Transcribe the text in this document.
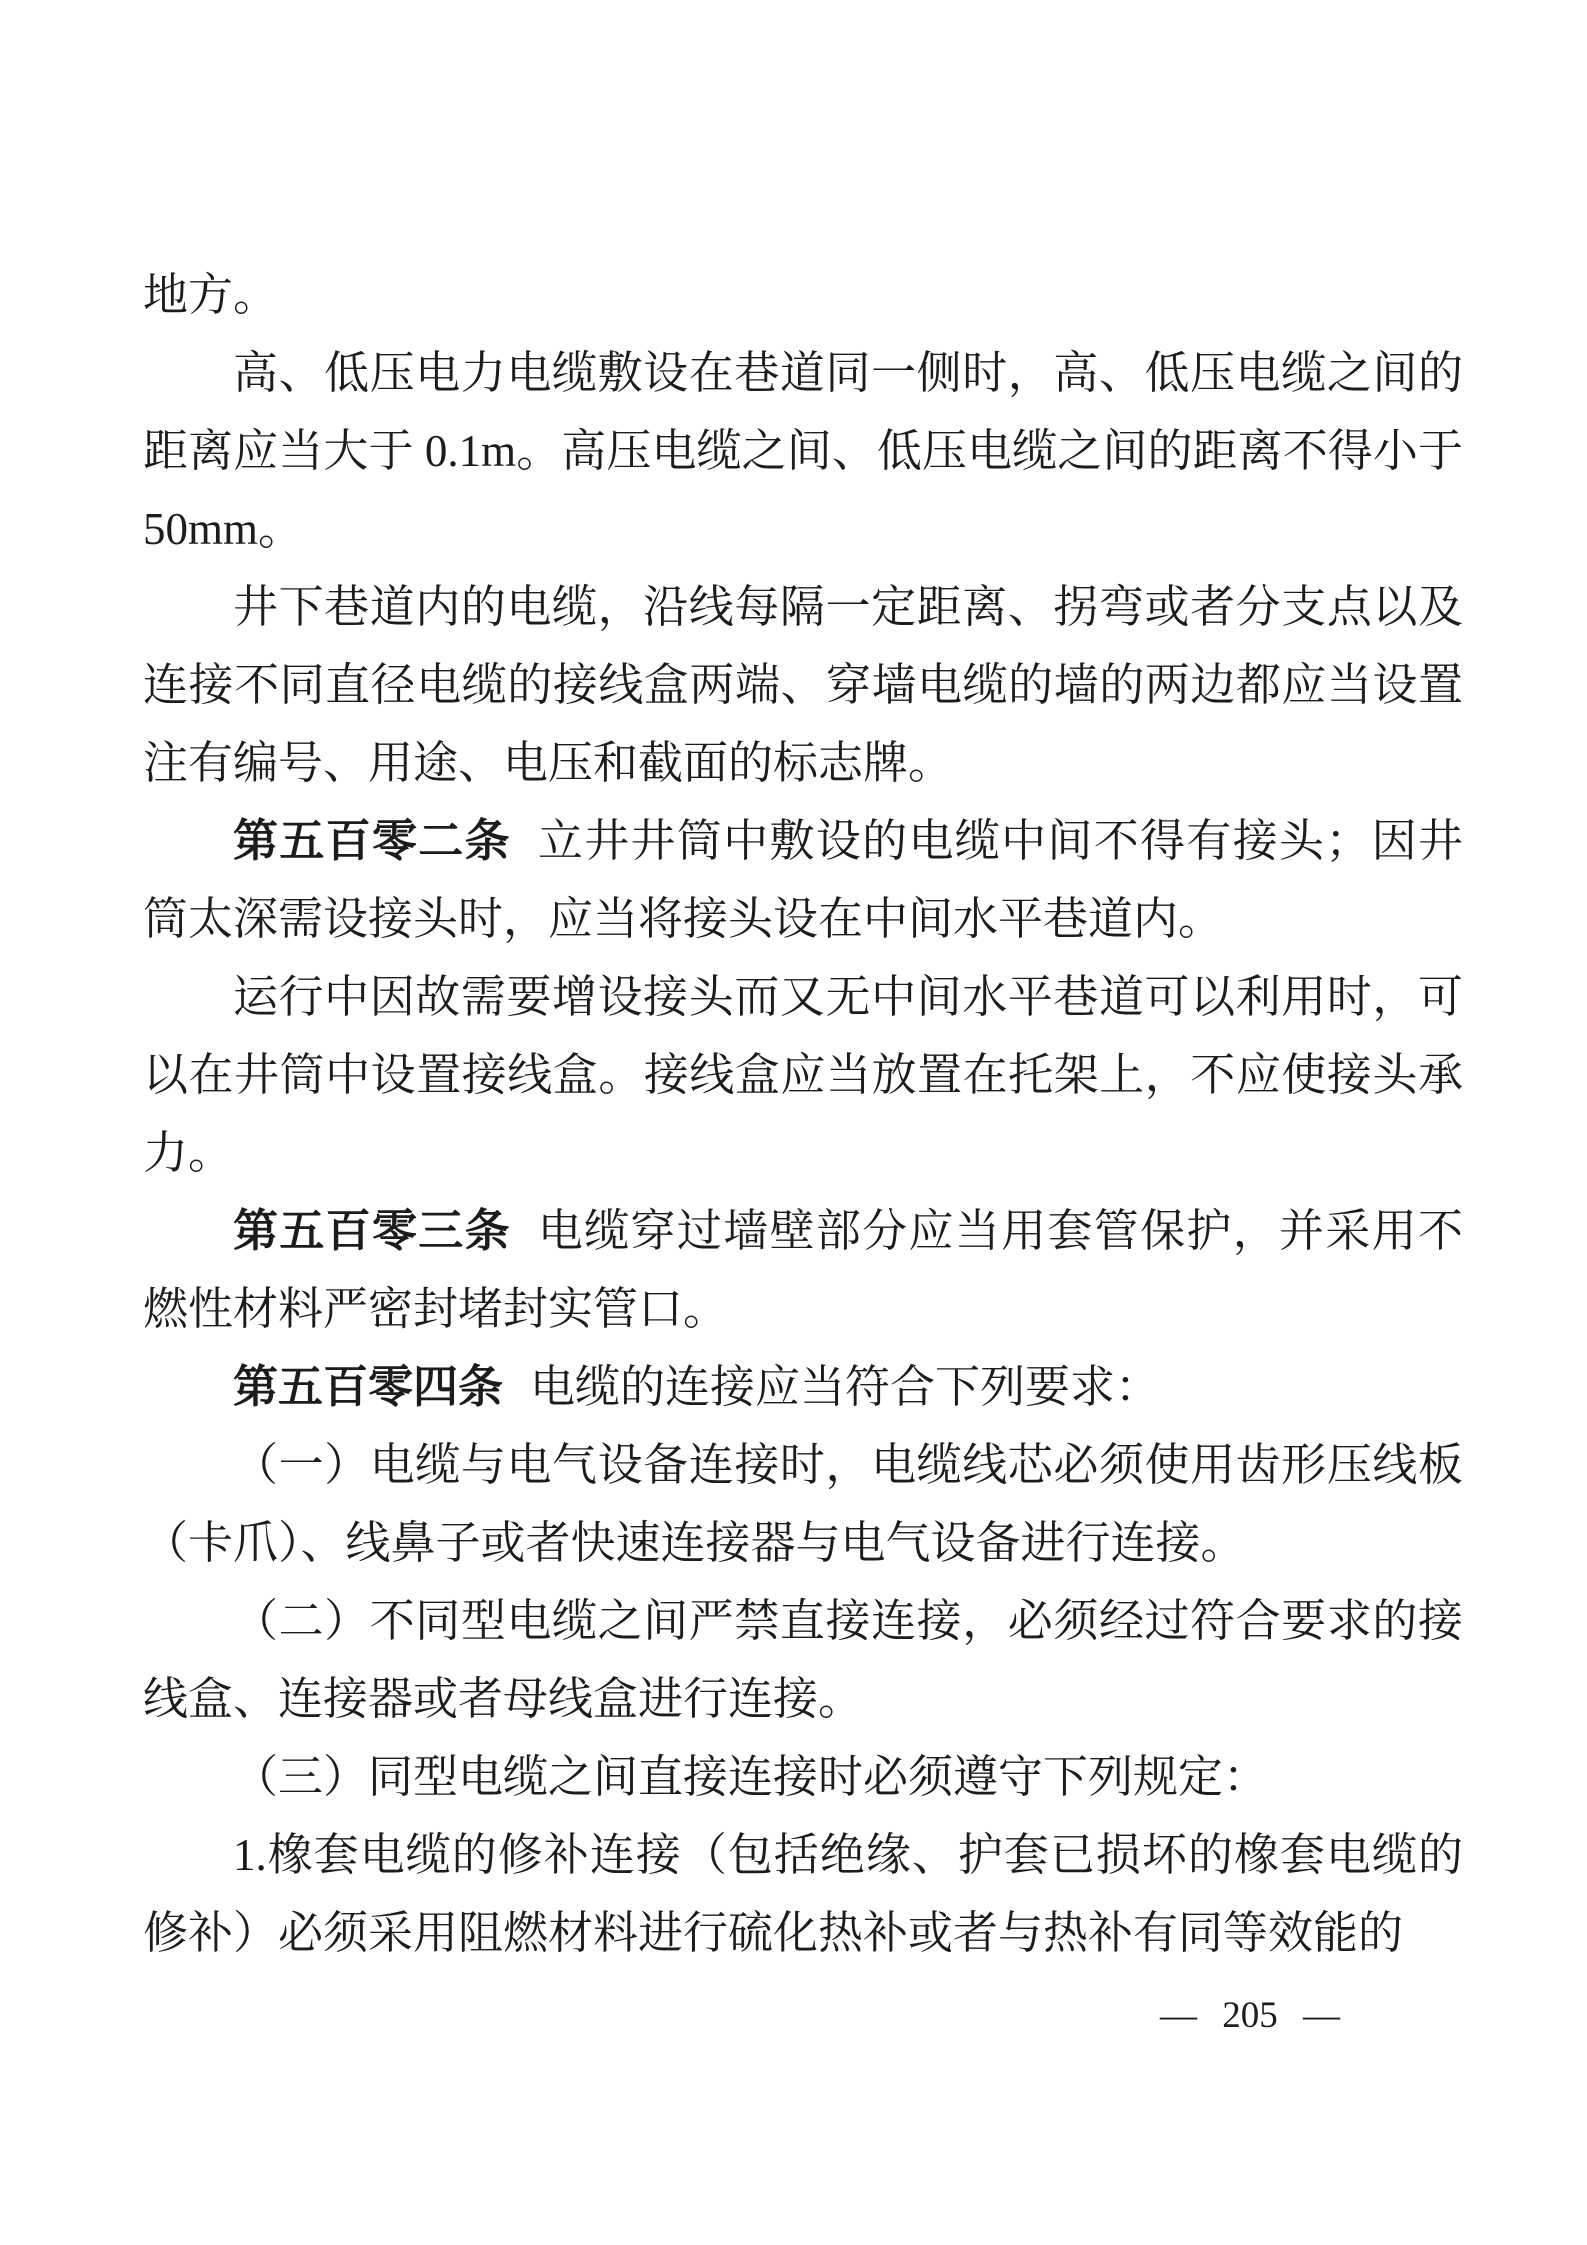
地方。

高、低压电力电缆敷设在巷道同一侧时，高、低压电缆之间的距离应当大于 0.1m。高压电缆之间、低压电缆之间的距离不得小于 50mm。

井下巷道内的电缆，沿线每隔一定距离、拐弯或者分支点以及连接不同直径电缆的接线盒两端、穿墙电缆的墙的两边都应当设置注有编号、用途、电压和截面的标志牌。

第五百零二条 立井井筒中敷设的电缆中间不得有接头；因井筒太深需设接头时，应当将接头设在中间水平巷道内。

运行中因故需要增设接头而又无中间水平巷道可以利用时，可以在井筒中设置接线盒。接线盒应当放置在托架上，不应使接头承力。

第五百零三条 电缆穿过墙壁部分应当用套管保护，并采用不燃性材料严密封堵封实管口。

第五百零四条 电缆的连接应当符合下列要求：

（一）电缆与电气设备连接时，电缆线芯必须使用齿形压线板（卡爪）、线鼻子或者快速连接器与电气设备进行连接。

（二）不同型电缆之间严禁直接连接，必须经过符合要求的接线盒、连接器或者母线盒进行连接。

（三）同型电缆之间直接连接时必须遵守下列规定：

1.橡套电缆的修补连接（包括绝缘、护套已损坏的橡套电缆的修补）必须采用阻燃材料进行硫化热补或者与热补有同等效能的

— 205 —
